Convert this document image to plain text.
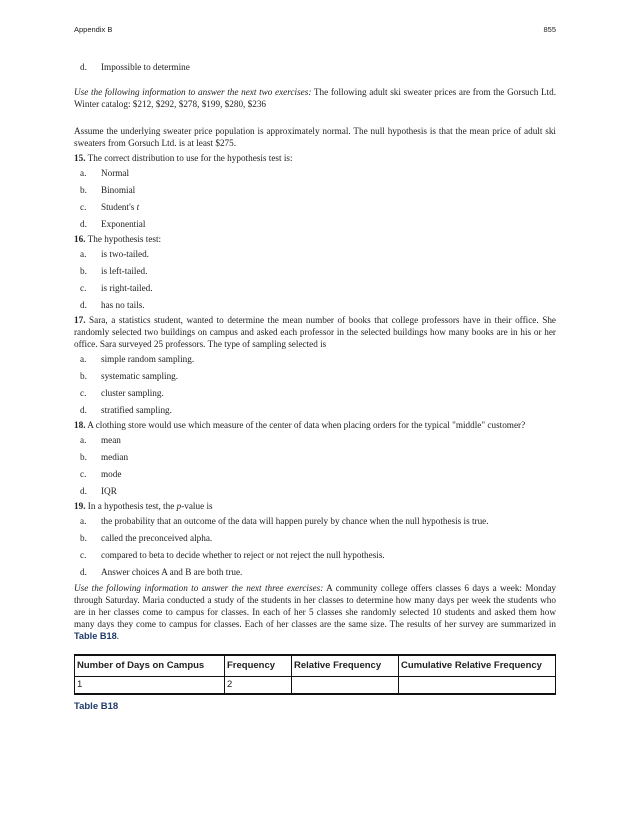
Appendix B	855
d.	Impossible to determine
Use the following information to answer the next two exercises: The following adult ski sweater prices are from the Gorsuch Ltd. Winter catalog: $212, $292, $278, $199, $280, $236
Assume the underlying sweater price population is approximately normal. The null hypothesis is that the mean price of adult ski sweaters from Gorsuch Ltd. is at least $275.
15. The correct distribution to use for the hypothesis test is:
a.	Normal
b.	Binomial
c.	Student's t
d.	Exponential
16. The hypothesis test:
a.	is two-tailed.
b.	is left-tailed.
c.	is right-tailed.
d.	has no tails.
17. Sara, a statistics student, wanted to determine the mean number of books that college professors have in their office. She randomly selected two buildings on campus and asked each professor in the selected buildings how many books are in his or her office. Sara surveyed 25 professors. The type of sampling selected is
a.	simple random sampling.
b.	systematic sampling.
c.	cluster sampling.
d.	stratified sampling.
18. A clothing store would use which measure of the center of data when placing orders for the typical "middle" customer?
a.	mean
b.	median
c.	mode
d.	IQR
19. In a hypothesis test, the p-value is
a.	the probability that an outcome of the data will happen purely by chance when the null hypothesis is true.
b.	called the preconceived alpha.
c.	compared to beta to decide whether to reject or not reject the null hypothesis.
d.	Answer choices A and B are both true.
Use the following information to answer the next three exercises: A community college offers classes 6 days a week: Monday through Saturday. Maria conducted a study of the students in her classes to determine how many days per week the students who are in her classes come to campus for classes. In each of her 5 classes she randomly selected 10 students and asked them how many days they come to campus for classes. Each of her classes are the same size. The results of her survey are summarized in Table B18.
Number of Days on Campus	Frequency	Relative Frequency	Cumulative Relative Frequency
1	2		
Table B18
